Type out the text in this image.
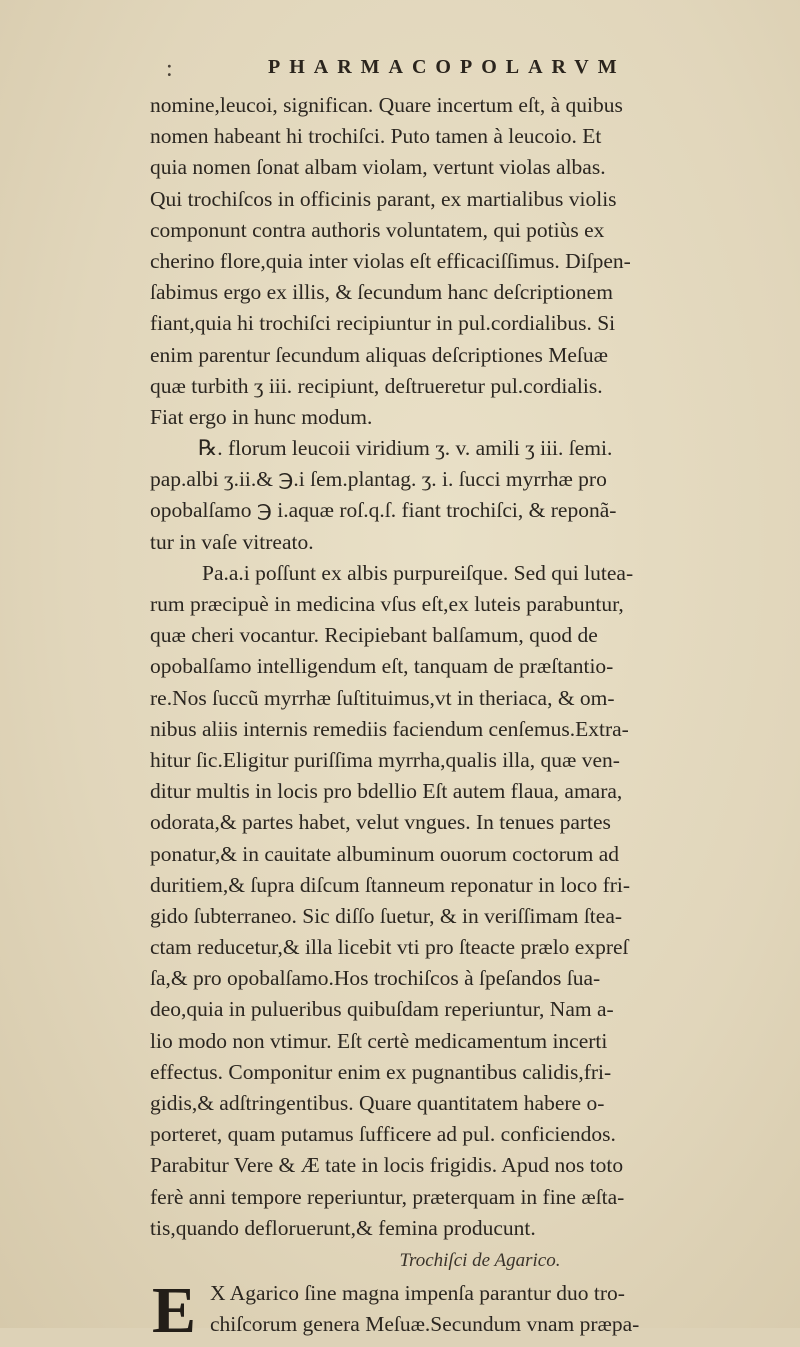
:	PHARMACOPOLARVM
nomine,leucoi, significan. Quare incertum eſt, à quibus
nomen habeant hi trochiſci. Puto tamen à leucoio. Et
quia nomen ſonat albam violam, vertunt violas albas.
Qui trochiſcos in officinis parant, ex martialibus violis
componunt contra authoris voluntatem, qui potiùs ex
cherino flore,quia inter violas eſt efficaciſſimus. Diſpen-
ſabimus ergo ex illis, & ſecundum hanc deſcriptionem
fiant,quia hi trochiſci recipiuntur in pul.cordialibus. Si
enim parentur ſecundum aliquas deſcriptiones Meſuæ
quæ turbith ʒ iii. recipiunt, deſtrueretur pul.cordialis.
Fiat ergo in hunc modum.
℞. florum leucoii viridium ʒ. v. amili ʒ iii. ſemi.
pap.albi ʒ.ii.& ℈.i ſem.plantag. ʒ. i. ſucci myrrhæ pro
opobalſamo ℈ i.aquæ roſ.q.ſ. fiant trochiſci, & reponã-
tur in vaſe vitreato.
Pa.a.i poſſunt ex albis purpureiſque. Sed qui lutea-
rum præcipuè in medicina vſus eſt,ex luteis parabuntur,
quæ cheri vocantur. Recipiebant balſamum, quod de
opobalſamo intelligendum eſt, tanquam de præſtantio-
re.Nos ſuccũ myrrhæ ſuſtituimus,vt in theriaca, & om-
nibus aliis internis remediis faciendum cenſemus.Extra-
hitur ſic.Eligitur puriſſima myrrha,qualis illa, quæ ven-
ditur multis in locis pro bdellio Eſt autem flaua, amara,
odorata,& partes habet, velut vngues. In tenues partes
ponatur,& in cauitate albuminum ouorum coctorum ad
duritiem,& ſupra diſcum ſtanneum reponatur in loco fri-
gido ſubterraneo. Sic diſſo ſuetur, & in veriſſimam ſtea-
ctam reducetur,& illa licebit vti pro ſteacte prælo expreſ
ſa,& pro opobalſamo.Hos trochiſcos à ſpeſandos ſua-
deo,quia in pulueribus quibuſdam reperiuntur, Nam a-
lio modo non vtimur. Eſt certè medicamentum incerti
effectus. Componitur enim ex pugnantibus calidis,fri-
gidis,& adſtringentibus. Quare quantitatem habere o-
porteret, quam putamus ſufficere ad pul. conficiendos.
Parabitur Vere & Æ tate in locis frigidis. Apud nos toto
ferè anni tempore reperiuntur, præterquam in fine æſta-
tis,quando defloruerunt,& femina producunt.
Trochiſci de Agarico.
E X Agarico ſine magna impenſa parantur duo tro-
chiſcorum genera Meſuæ.Secundum vnam præpa-
